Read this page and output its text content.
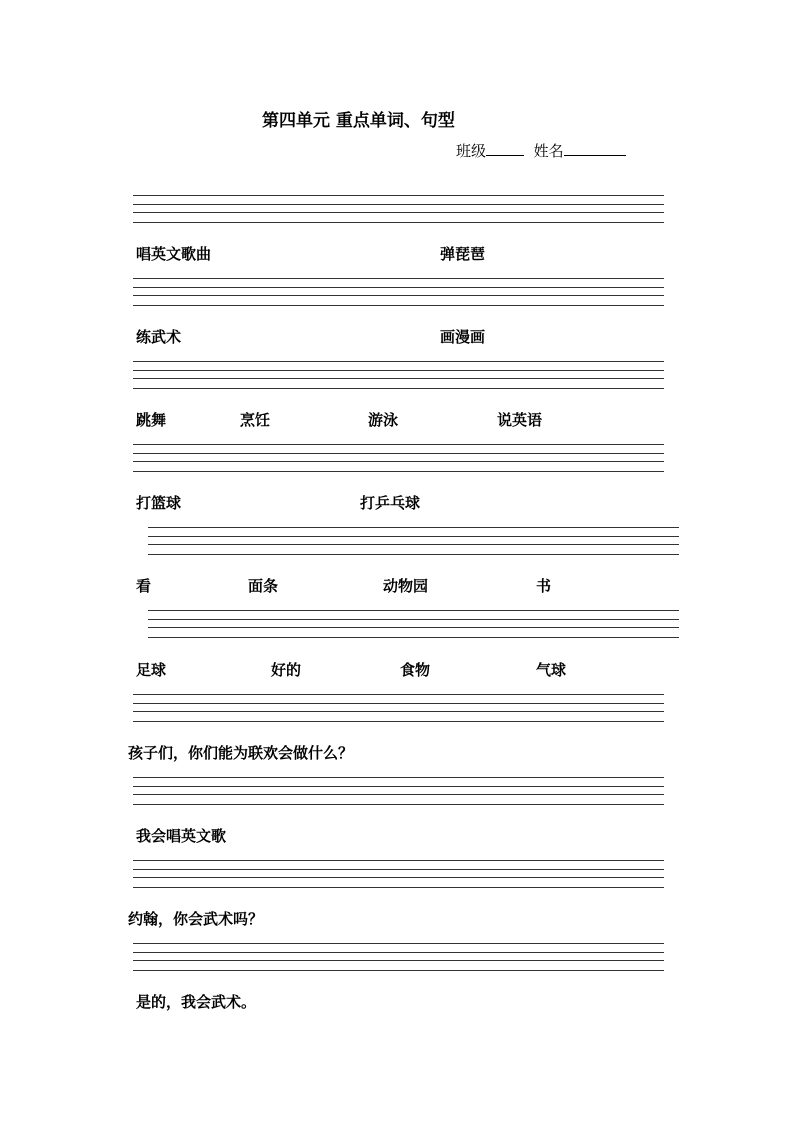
第四单元 重点单词、句型
班级	姓名
唱英文歌曲	弹琵琶
练武术	画漫画
跳舞	烹饪	游泳	说英语
打篮球	打乒乓球
看	面条	动物园	书
足球	好的	食物	气球
孩子们，你们能为联欢会做什么？
我会唱英文歌
约翰，你会武术吗？
是的，我会武术。
